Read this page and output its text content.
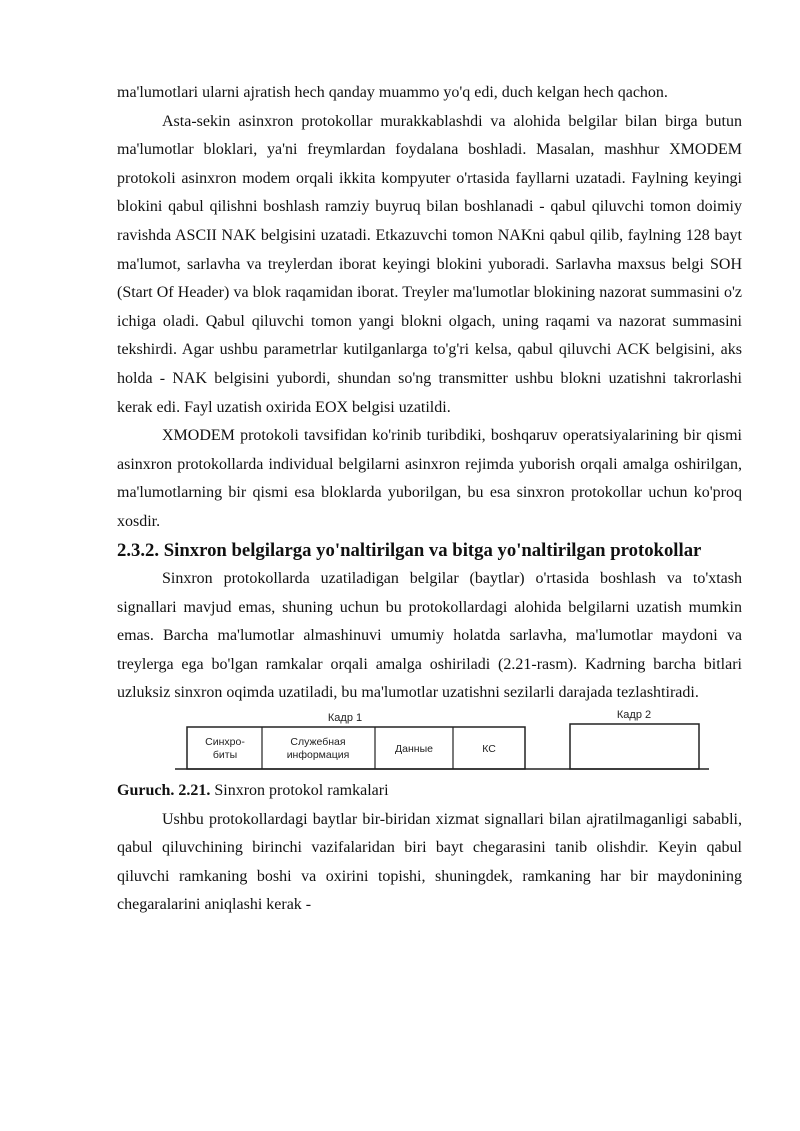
ma'lumotlari ularni ajratish hech qanday muammo yo'q edi, duch kelgan hech qachon.

Asta-sekin asinxron protokollar murakkablashdi va alohida belgilar bilan birga butun ma'lumotlar bloklari, ya'ni freymlardan foydalana boshladi. Masalan, mashhur XMODEM protokoli asinxron modem orqali ikkita kompyuter o'rtasida fayllarni uzatadi. Faylning keyingi blokini qabul qilishni boshlash ramziy buyruq bilan boshlanadi - qabul qiluvchi tomon doimiy ravishda ASCII NAK belgisini uzatadi. Etkazuvchi tomon NAKni qabul qilib, faylning 128 bayt ma'lumot, sarlavha va treylerdan iborat keyingi blokini yuboradi. Sarlavha maxsus belgi SOH (Start Of Header) va blok raqamidan iborat. Treyler ma'lumotlar blokining nazorat summasini o'z ichiga oladi. Qabul qiluvchi tomon yangi blokni olgach, uning raqami va nazorat summasini tekshirdi. Agar ushbu parametrlar kutilganlarga to'g'ri kelsa, qabul qiluvchi ACK belgisini, aks holda - NAK belgisini yubordi, shundan so'ng transmitter ushbu blokni uzatishni takrorlashi kerak edi. Fayl uzatish oxirida EOX belgisi uzatildi.

XMODEM protokoli tavsifidan ko'rinib turibdiki, boshqaruv operatsiyalarining bir qismi asinxron protokollarda individual belgilarni asinxron rejimda yuborish orqali amalga oshirilgan, ma'lumotlarning bir qismi esa bloklarda yuborilgan, bu esa sinxron protokollar uchun ko'proq xosdir.

2.3.2. Sinxron belgilarga yo'naltirilgan va bitga yo'naltirilgan protokollar

Sinxron protokollarda uzatiladigan belgilar (baytlar) o'rtasida boshlash va to'xtash signallari mavjud emas, shuning uchun bu protokollardagi alohida belgilarni uzatish mumkin emas. Barcha ma'lumotlar almashinuvi umumiy holatda sarlavha, ma'lumotlar maydoni va treylerga ega bo'lgan ramkalar orqali amalga oshiriladi (2.21-rasm). Kadrning barcha bitlari uzluksiz sinxron oqimda uzatiladi, bu ma'lumotlar uzatishni sezilarli darajada tezlashtiradi.

Кадр 1	Кадр 2
Синхро-
биты
Служебная
информация	Данные	КС

Guruch. 2.21. Sinxron protokol ramkalari

Ushbu protokollardagi baytlar bir-biridan xizmat signallari bilan ajratilmaganligi sababli, qabul qiluvchining birinchi vazifalaridan biri bayt chegarasini tanib olishdir. Keyin qabul qiluvchi ramkaning boshi va oxirini topishi, shuningdek, ramkaning har bir maydonining chegaralarini aniqlashi kerak -
